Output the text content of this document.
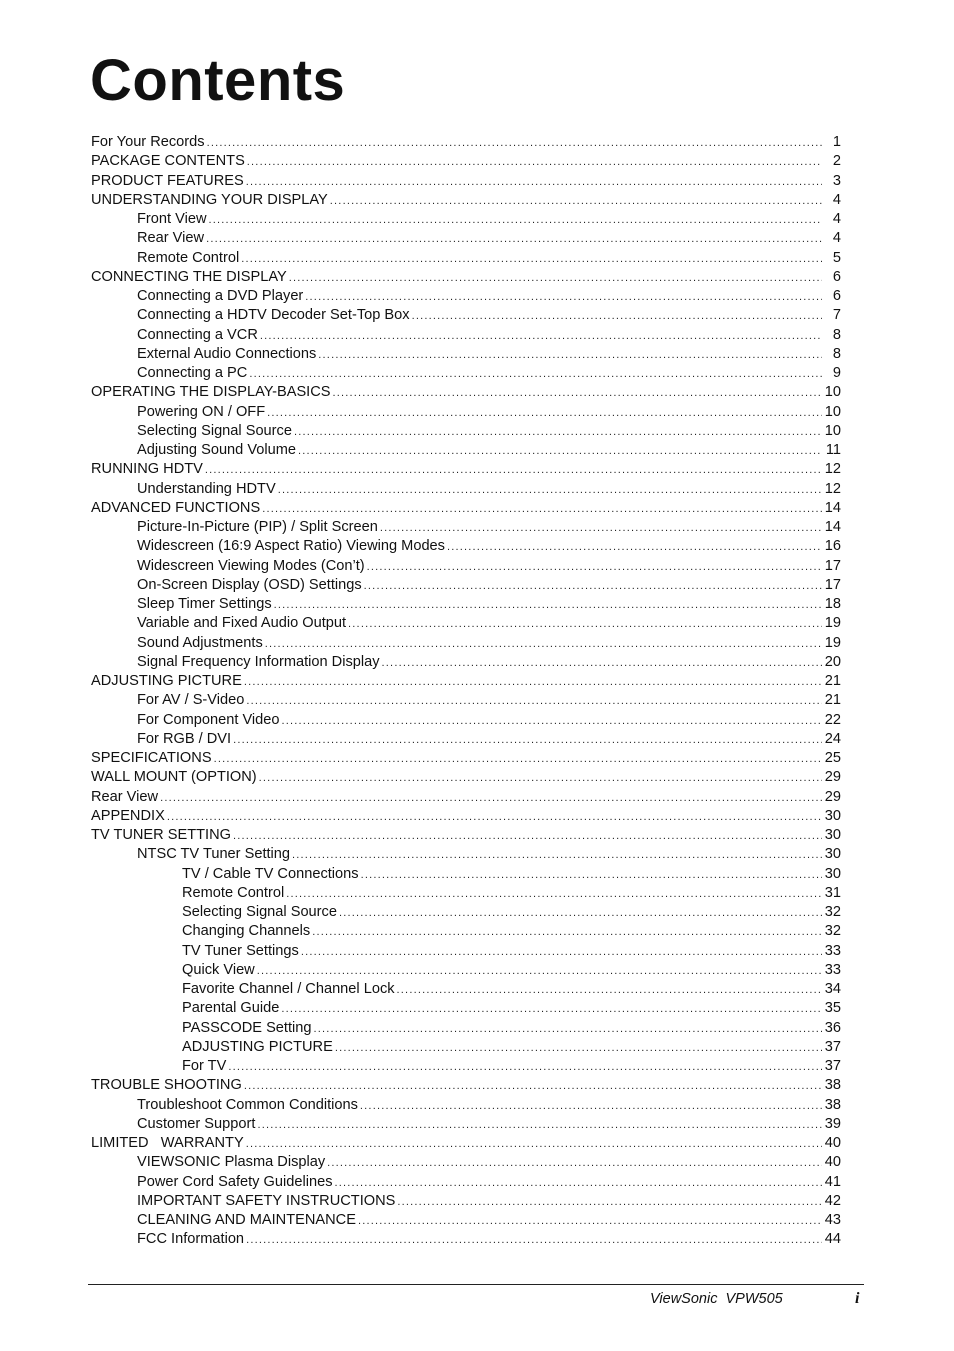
Contents
For Your Records .....	1
PACKAGE CONTENTS .....	2
PRODUCT FEATURES .....	3
UNDERSTANDING YOUR DISPLAY .....	4
Front View .....	4
Rear View .....	4
Remote Control .....	5
CONNECTING THE DISPLAY .....	6
Connecting a DVD Player .....	6
Connecting a HDTV Decoder Set-Top Box .....	7
Connecting a VCR .....	8
External Audio Connections .....	8
Connecting a PC .....	9
OPERATING THE DISPLAY-BASICS .....	10
Powering ON / OFF .....	10
Selecting Signal Source .....	10
Adjusting Sound Volume .....	11
RUNNING HDTV .....	12
Understanding HDTV .....	12
ADVANCED FUNCTIONS .....	14
Picture-In-Picture (PIP) / Split Screen .....	14
Widescreen (16:9 Aspect Ratio) Viewing Modes .....	16
Widescreen Viewing Modes (Con’t) .....	17
On-Screen Display (OSD) Settings .....	17
Sleep Timer Settings .....	18
Variable and Fixed Audio Output .....	19
Sound Adjustments .....	19
Signal Frequency Information Display .....	20
ADJUSTING PICTURE .....	21
For AV / S-Video .....	21
For Component Video .....	22
For RGB / DVI .....	24
SPECIFICATIONS .....	25
WALL MOUNT (OPTION) .....	29
Rear View .....	29
APPENDIX .....	30
TV TUNER SETTING .....	30
NTSC TV Tuner Setting .....	30
TV / Cable TV Connections .....	30
Remote Control .....	31
Selecting Signal Source .....	32
Changing Channels .....	32
TV Tuner Settings .....	33
Quick View .....	33
Favorite Channel / Channel Lock .....	34
Parental Guide .....	35
PASSCODE Setting .....	36
ADJUSTING PICTURE .....	37
For TV .....	37
TROUBLE SHOOTING .....	38
Troubleshoot Common Conditions .....	38
Customer Support .....	39
LIMITED   WARRANTY .....	40
VIEWSONIC Plasma Display .....	40
Power Cord Safety Guidelines .....	41
IMPORTANT SAFETY INSTRUCTIONS .....	42
CLEANING AND MAINTENANCE .....	43
FCC Information .....	44
ViewSonic  VPW505	i
